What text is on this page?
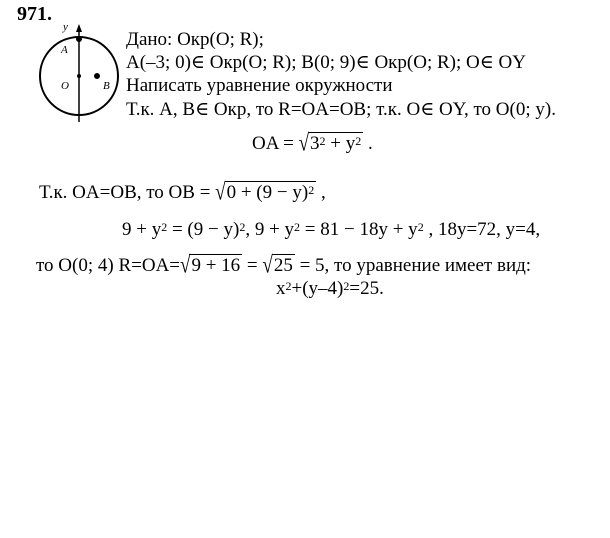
971.
y
A
O	B
Дано: Окр(O; R);
A(–3; 0)∈ Окр(O; R); B(0; 9)∈ Окр(O; R); O∈ OY
Написать уравнение окружности
Т.к. A, B∈ Окр, то R=OA=OB; т.к. O∈ OY, то O(0; y).
OA = $√3^2 + y^2$ .
Т.к. OA=OB, то OB = $√0 + (9 - y)^2$ ,
$9 + y^2 = (9 - y)^2$, $9 + y^2 = 81 - 18y + y^2$ , 18y=72, y=4,
то O(0; 4) R=OA=√9 + 16 = √25 = 5, то уравнение имеет вид:
$x^2+(y-4)^2=25$.
